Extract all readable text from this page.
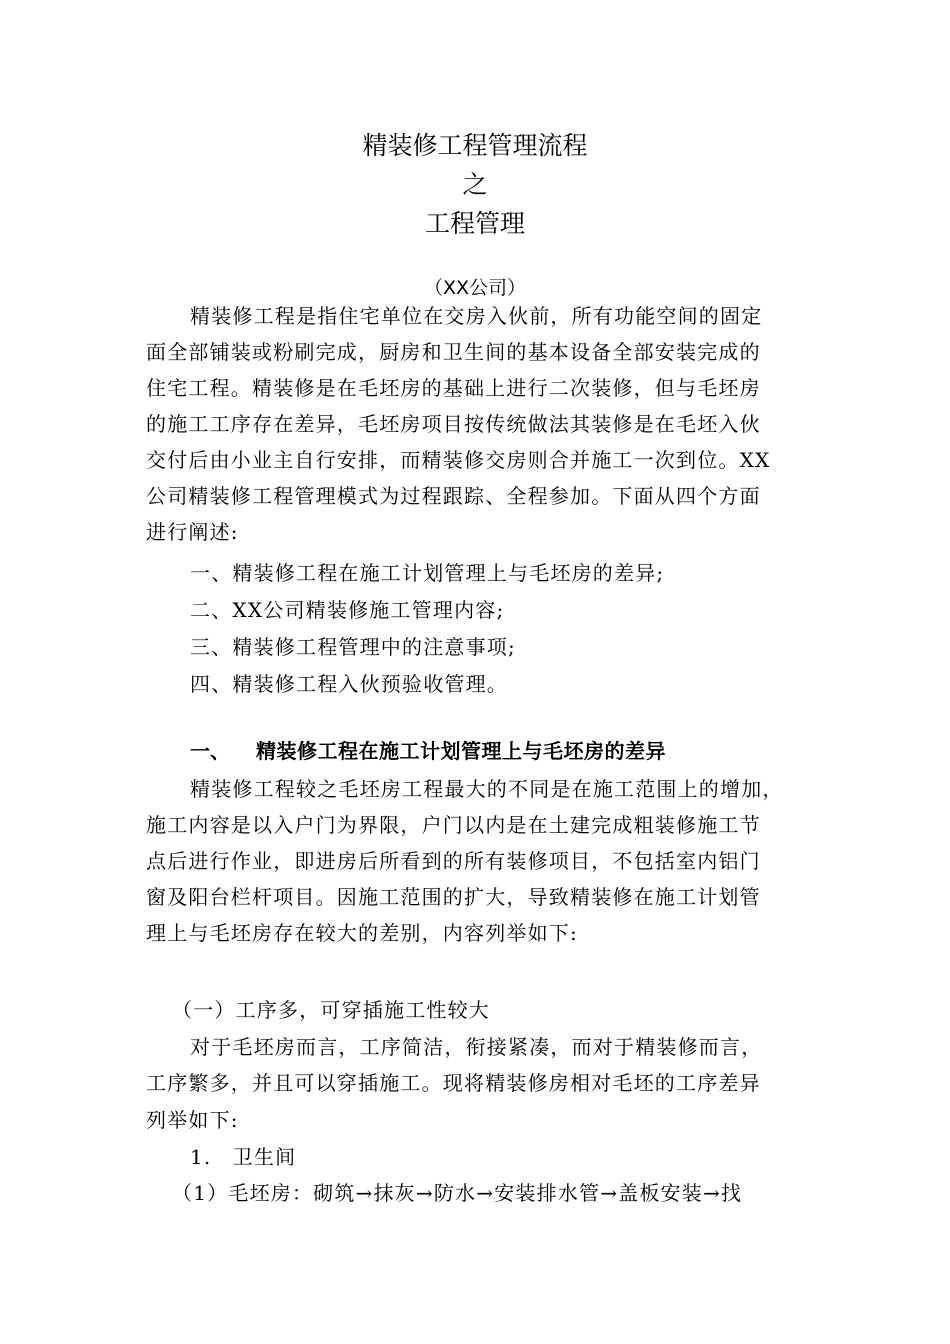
精装修工程管理流程
之
工程管理
（XX公司）
精装修工程是指住宅单位在交房入伙前，所有功能空间的固定
面全部铺装或粉刷完成，厨房和卫生间的基本设备全部安装完成的
住宅工程。精装修是在毛坯房的基础上进行二次装修，但与毛坯房
的施工工序存在差异，毛坯房项目按传统做法其装修是在毛坯入伙
交付后由小业主自行安排，而精装修交房则合并施工一次到位。XX
公司精装修工程管理模式为过程跟踪、全程参加。下面从四个方面
进行阐述:
一、精装修工程在施工计划管理上与毛坯房的差异;
二、XX公司精装修施工管理内容;
三、精装修工程管理中的注意事项;
四、精装修工程入伙预验收管理。
一、 精装修工程在施工计划管理上与毛坯房的差异
精装修工程较之毛坯房工程最大的不同是在施工范围上的增加，
施工内容是以入户门为界限，户门以内是在土建完成粗装修施工节
点后进行作业，即进房后所看到的所有装修项目，不包括室内铝门
窗及阳台栏杆项目。因施工范围的扩大，导致精装修在施工计划管
理上与毛坯房存在较大的差别，内容列举如下:
（一）工序多，可穿插施工性较大
对于毛坯房而言，工序简洁，衔接紧凑，而对于精装修而言，
工序繁多，并且可以穿插施工。现将精装修房相对毛坯的工序差异
列举如下:
1.　卫生间
（1）毛坯房：砌筑→抹灰→防水→安装排水管→盖板安装→找
